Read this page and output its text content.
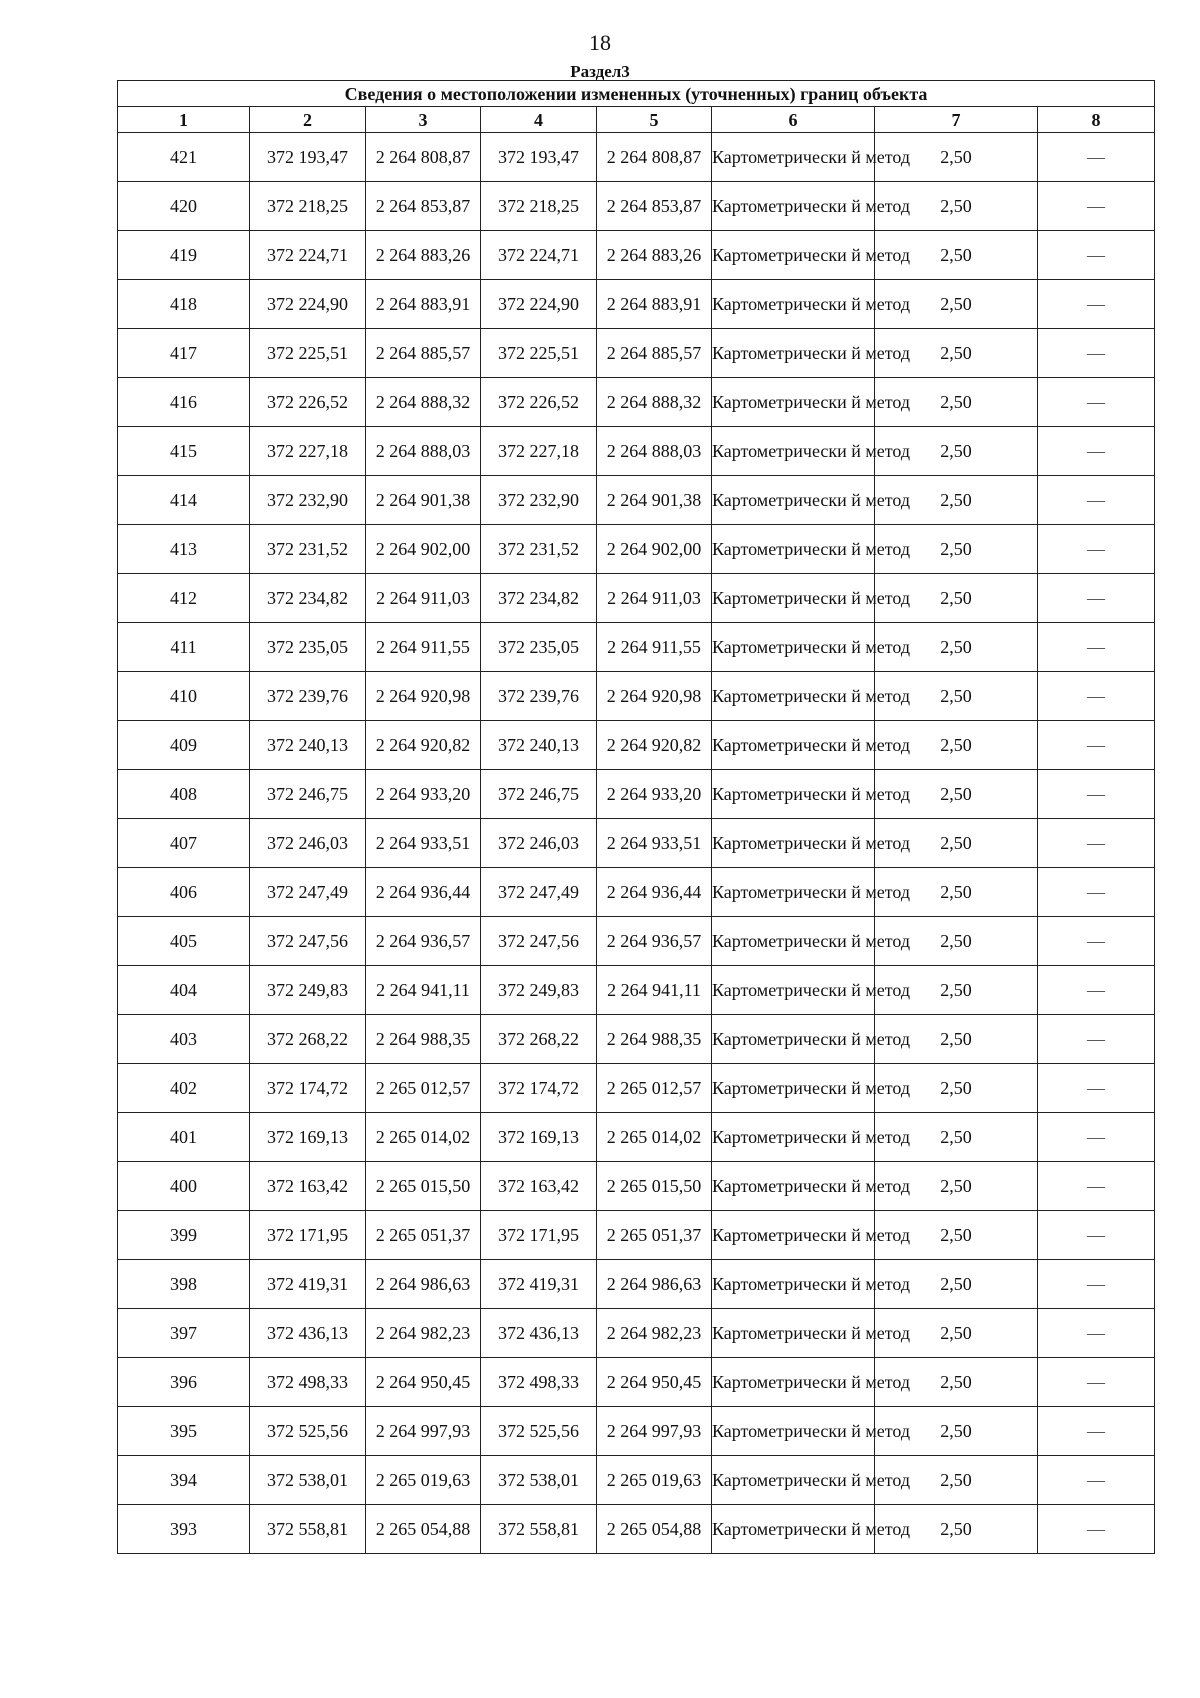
18
Раздел3
Сведения о местоположении измененных (уточненных) границ объекта							
1	2	3	4	5	6	7	8
421	372 193,47	2 264 808,87	372 193,47	2 264 808,87	Картометрически й метод	2,50	—
420	372 218,25	2 264 853,87	372 218,25	2 264 853,87	Картометрически й метод	2,50	—
419	372 224,71	2 264 883,26	372 224,71	2 264 883,26	Картометрически й метод	2,50	—
418	372 224,90	2 264 883,91	372 224,90	2 264 883,91	Картометрически й метод	2,50	—
417	372 225,51	2 264 885,57	372 225,51	2 264 885,57	Картометрически й метод	2,50	—
416	372 226,52	2 264 888,32	372 226,52	2 264 888,32	Картометрически й метод	2,50	—
415	372 227,18	2 264 888,03	372 227,18	2 264 888,03	Картометрически й метод	2,50	—
414	372 232,90	2 264 901,38	372 232,90	2 264 901,38	Картометрически й метод	2,50	—
413	372 231,52	2 264 902,00	372 231,52	2 264 902,00	Картометрически й метод	2,50	—
412	372 234,82	2 264 911,03	372 234,82	2 264 911,03	Картометрически й метод	2,50	—
411	372 235,05	2 264 911,55	372 235,05	2 264 911,55	Картометрически й метод	2,50	—
410	372 239,76	2 264 920,98	372 239,76	2 264 920,98	Картометрически й метод	2,50	—
409	372 240,13	2 264 920,82	372 240,13	2 264 920,82	Картометрически й метод	2,50	—
408	372 246,75	2 264 933,20	372 246,75	2 264 933,20	Картометрически й метод	2,50	—
407	372 246,03	2 264 933,51	372 246,03	2 264 933,51	Картометрически й метод	2,50	—
406	372 247,49	2 264 936,44	372 247,49	2 264 936,44	Картометрически й метод	2,50	—
405	372 247,56	2 264 936,57	372 247,56	2 264 936,57	Картометрически й метод	2,50	—
404	372 249,83	2 264 941,11	372 249,83	2 264 941,11	Картометрически й метод	2,50	—
403	372 268,22	2 264 988,35	372 268,22	2 264 988,35	Картометрически й метод	2,50	—
402	372 174,72	2 265 012,57	372 174,72	2 265 012,57	Картометрически й метод	2,50	—
401	372 169,13	2 265 014,02	372 169,13	2 265 014,02	Картометрически й метод	2,50	—
400	372 163,42	2 265 015,50	372 163,42	2 265 015,50	Картометрически й метод	2,50	—
399	372 171,95	2 265 051,37	372 171,95	2 265 051,37	Картометрически й метод	2,50	—
398	372 419,31	2 264 986,63	372 419,31	2 264 986,63	Картометрически й метод	2,50	—
397	372 436,13	2 264 982,23	372 436,13	2 264 982,23	Картометрически й метод	2,50	—
396	372 498,33	2 264 950,45	372 498,33	2 264 950,45	Картометрически й метод	2,50	—
395	372 525,56	2 264 997,93	372 525,56	2 264 997,93	Картометрически й метод	2,50	—
394	372 538,01	2 265 019,63	372 538,01	2 265 019,63	Картометрически й метод	2,50	—
393	372 558,81	2 265 054,88	372 558,81	2 265 054,88	Картометрически й метод	2,50	—
